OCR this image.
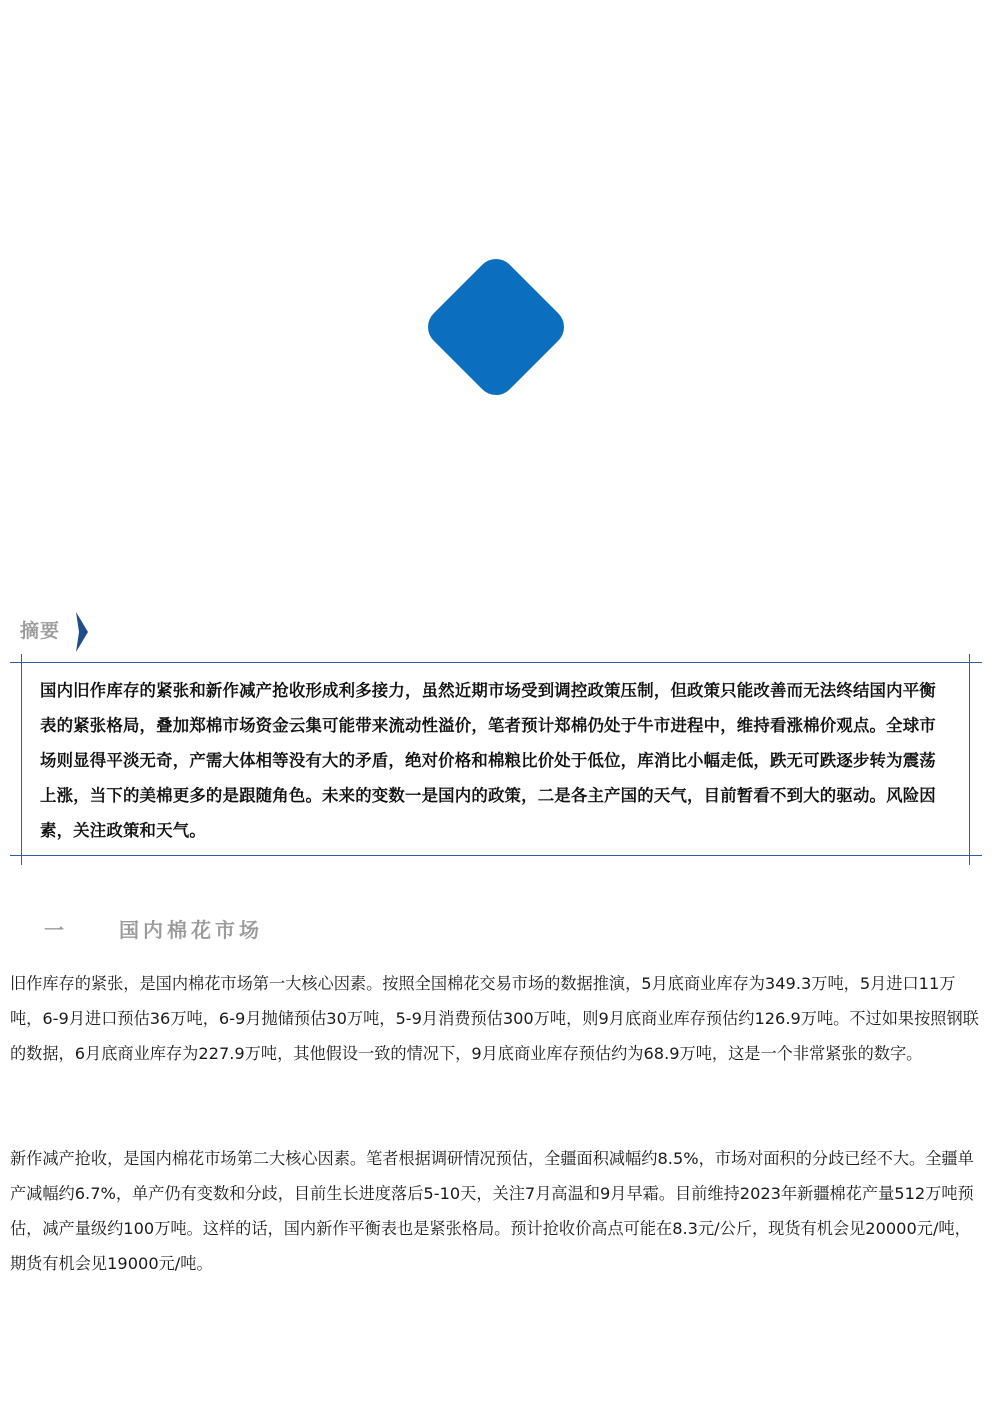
摘要
国内旧作库存的紧张和新作减产抢收形成利多接力，虽然近期市场受到调控政策压制，但政策只能改善而无法终结国内平衡表的紧张格局，叠加郑棉市场资金云集可能带来流动性溢价，笔者预计郑棉仍处于牛市进程中，维持看涨棉价观点。全球市场则显得平淡无奇，产需大体相等没有大的矛盾，绝对价格和棉粮比价处于低位，库消比小幅走低，跌无可跌逐步转为震荡上涨，当下的美棉更多的是跟随角色。未来的变数一是国内的政策，二是各主产国的天气，目前暂看不到大的驱动。风险因素，关注政策和天气。
一	国内棉花市场
旧作库存的紧张，是国内棉花市场第一大核心因素。按照全国棉花交易市场的数据推演，5月底商业库存为349.3万吨，5月进口11万吨，6-9月进口预估36万吨，6-9月抛储预估30万吨，5-9月消费预估300万吨，则9月底商业库存预估约126.9万吨。不过如果按照钢联的数据，6月底商业库存为227.9万吨，其他假设一致的情况下，9月底商业库存预估约为68.9万吨，这是一个非常紧张的数字。
新作减产抢收，是国内棉花市场第二大核心因素。笔者根据调研情况预估，全疆面积减幅约8.5%，市场对面积的分歧已经不大。全疆单产减幅约6.7%，单产仍有变数和分歧，目前生长进度落后5-10天，关注7月高温和9月早霜。目前维持2023年新疆棉花产量512万吨预估，减产量级约100万吨。这样的话，国内新作平衡表也是紧张格局。预计抢收价高点可能在8.3元/公斤，现货有机会见20000元/吨，期货有机会见19000元/吨。
